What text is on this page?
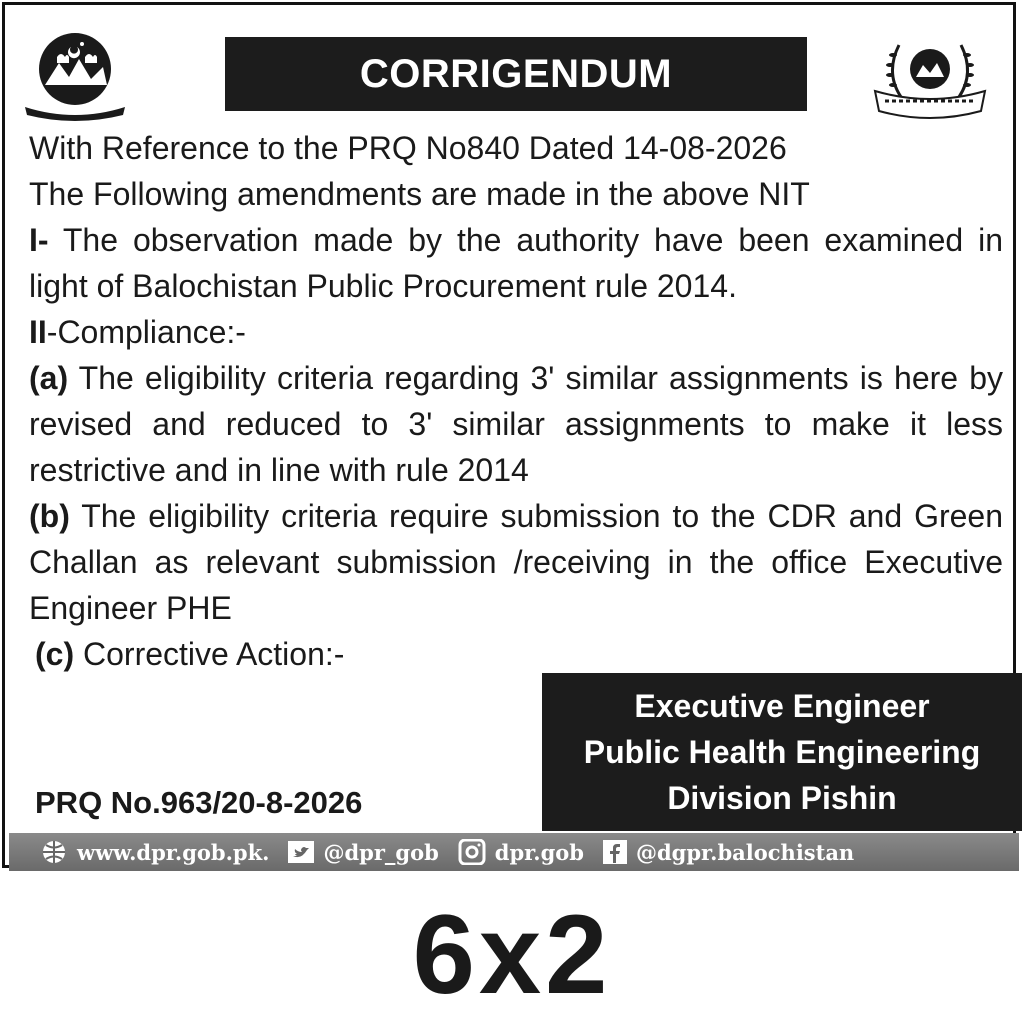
CORRIGENDUM

With Reference to the PRQ No840 Dated 14-08-2026

The Following amendments are made in the above NIT

I- The observation made by the authority have been examined in light of Balochistan Public Procurement rule 2014.

II-Compliance:-

(a) The eligibility criteria regarding 3' similar assignments is here by revised and reduced to 3' similar assignments to make it less restrictive and in line with rule 2014

(b) The eligibility criteria require submission to the CDR and Green Challan as relevant submission /receiving in the office Executive Engineer PHE

(c) Corrective Action:-

Executive Engineer
Public Health Engineering
Division Pishin
PRQ No.963/20-8-2026
www.dpr.gob.pk.	@dpr_gob	dpr.gob @dgpr.balochistan
6x2
